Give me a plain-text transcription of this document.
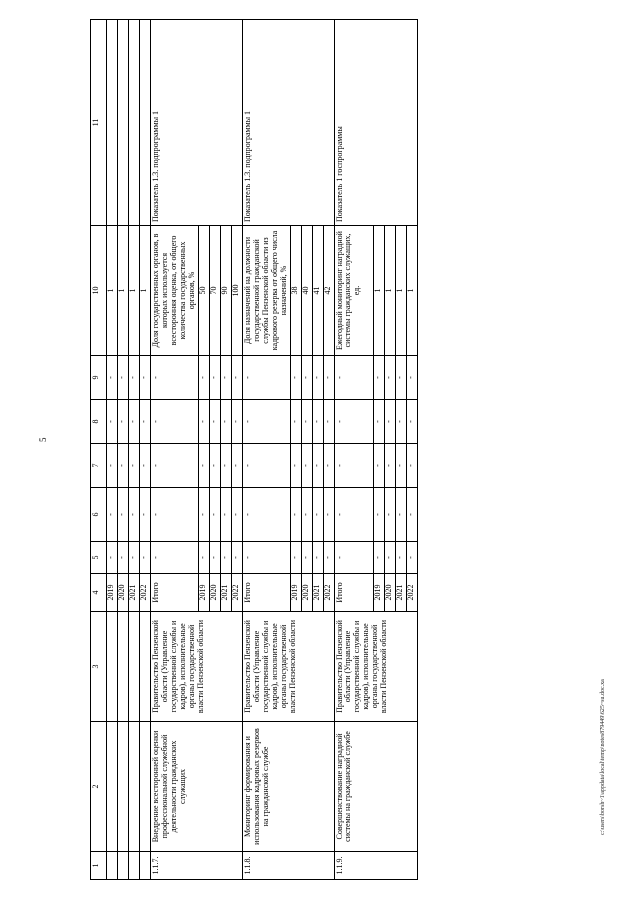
5
1	2	3	4	5	6	7	8	9	10	11
			2019	-	-	-	-	-	1	
			2020	-	-	-	-	-	1	
			2021	-	-	-	-	-	1	
			2022	-	-	-	-	-	1	
1.1.7.	Внедрение всесторонней оценки профессиональной служебной деятельности гражданских служащих	Правительство Пензенской области (Управление государственной службы и кадров), исполнительные органы государственной власти Пензенской области	Итого	-	-	-	-	-	Доля государственных органов, в которых используется всесторонняя оценка, от общего количества государственных органов, %	Показатель 1.3. подпрограммы 1
			2019	-	-	-	-	-	50	
			2020	-	-	-	-	-	70	
			2021	-	-	-	-	-	90	
			2022	-	-	-	-	-	100	
1.1.8.	Мониторинг формирования и использования кадровых резервов на гражданской службе	Правительство Пензенской области (Управление государственной службы и кадров), исполнительные органы государственной власти Пензенской области	Итого	-	-	-	-	-	Доля назначений на должности государственной гражданской службы Пензенской области из кадрового резерва от общего числа назначений, %	Показатель 1.3. подпрограммы 1
			2019	-	-	-	-	-	38	
			2020	-	-	-	-	-	40	
			2021	-	-	-	-	-	41	
			2022	-	-	-	-	-	42	
1.1.9.	Совершенствование наградной системы на гражданской службе	Правительство Пензенской области (Управление государственной службы и кадров), исполнительные органы государственной власти Пензенской области	Итого	-	-	-	-	-	Ежегодный мониторинг наградной системы гражданских служащих, ед.	Показатель 1 госпрограммы
			2019	-	-	-	-	-	1	
			2020	-	-	-	-	-	1	
			2021	-	-	-	-	-	1	
			2022	-	-	-	-	-	1	
c:\users\borsh~1\appdata\local\temp\notes879449\625~su.doc.xa
